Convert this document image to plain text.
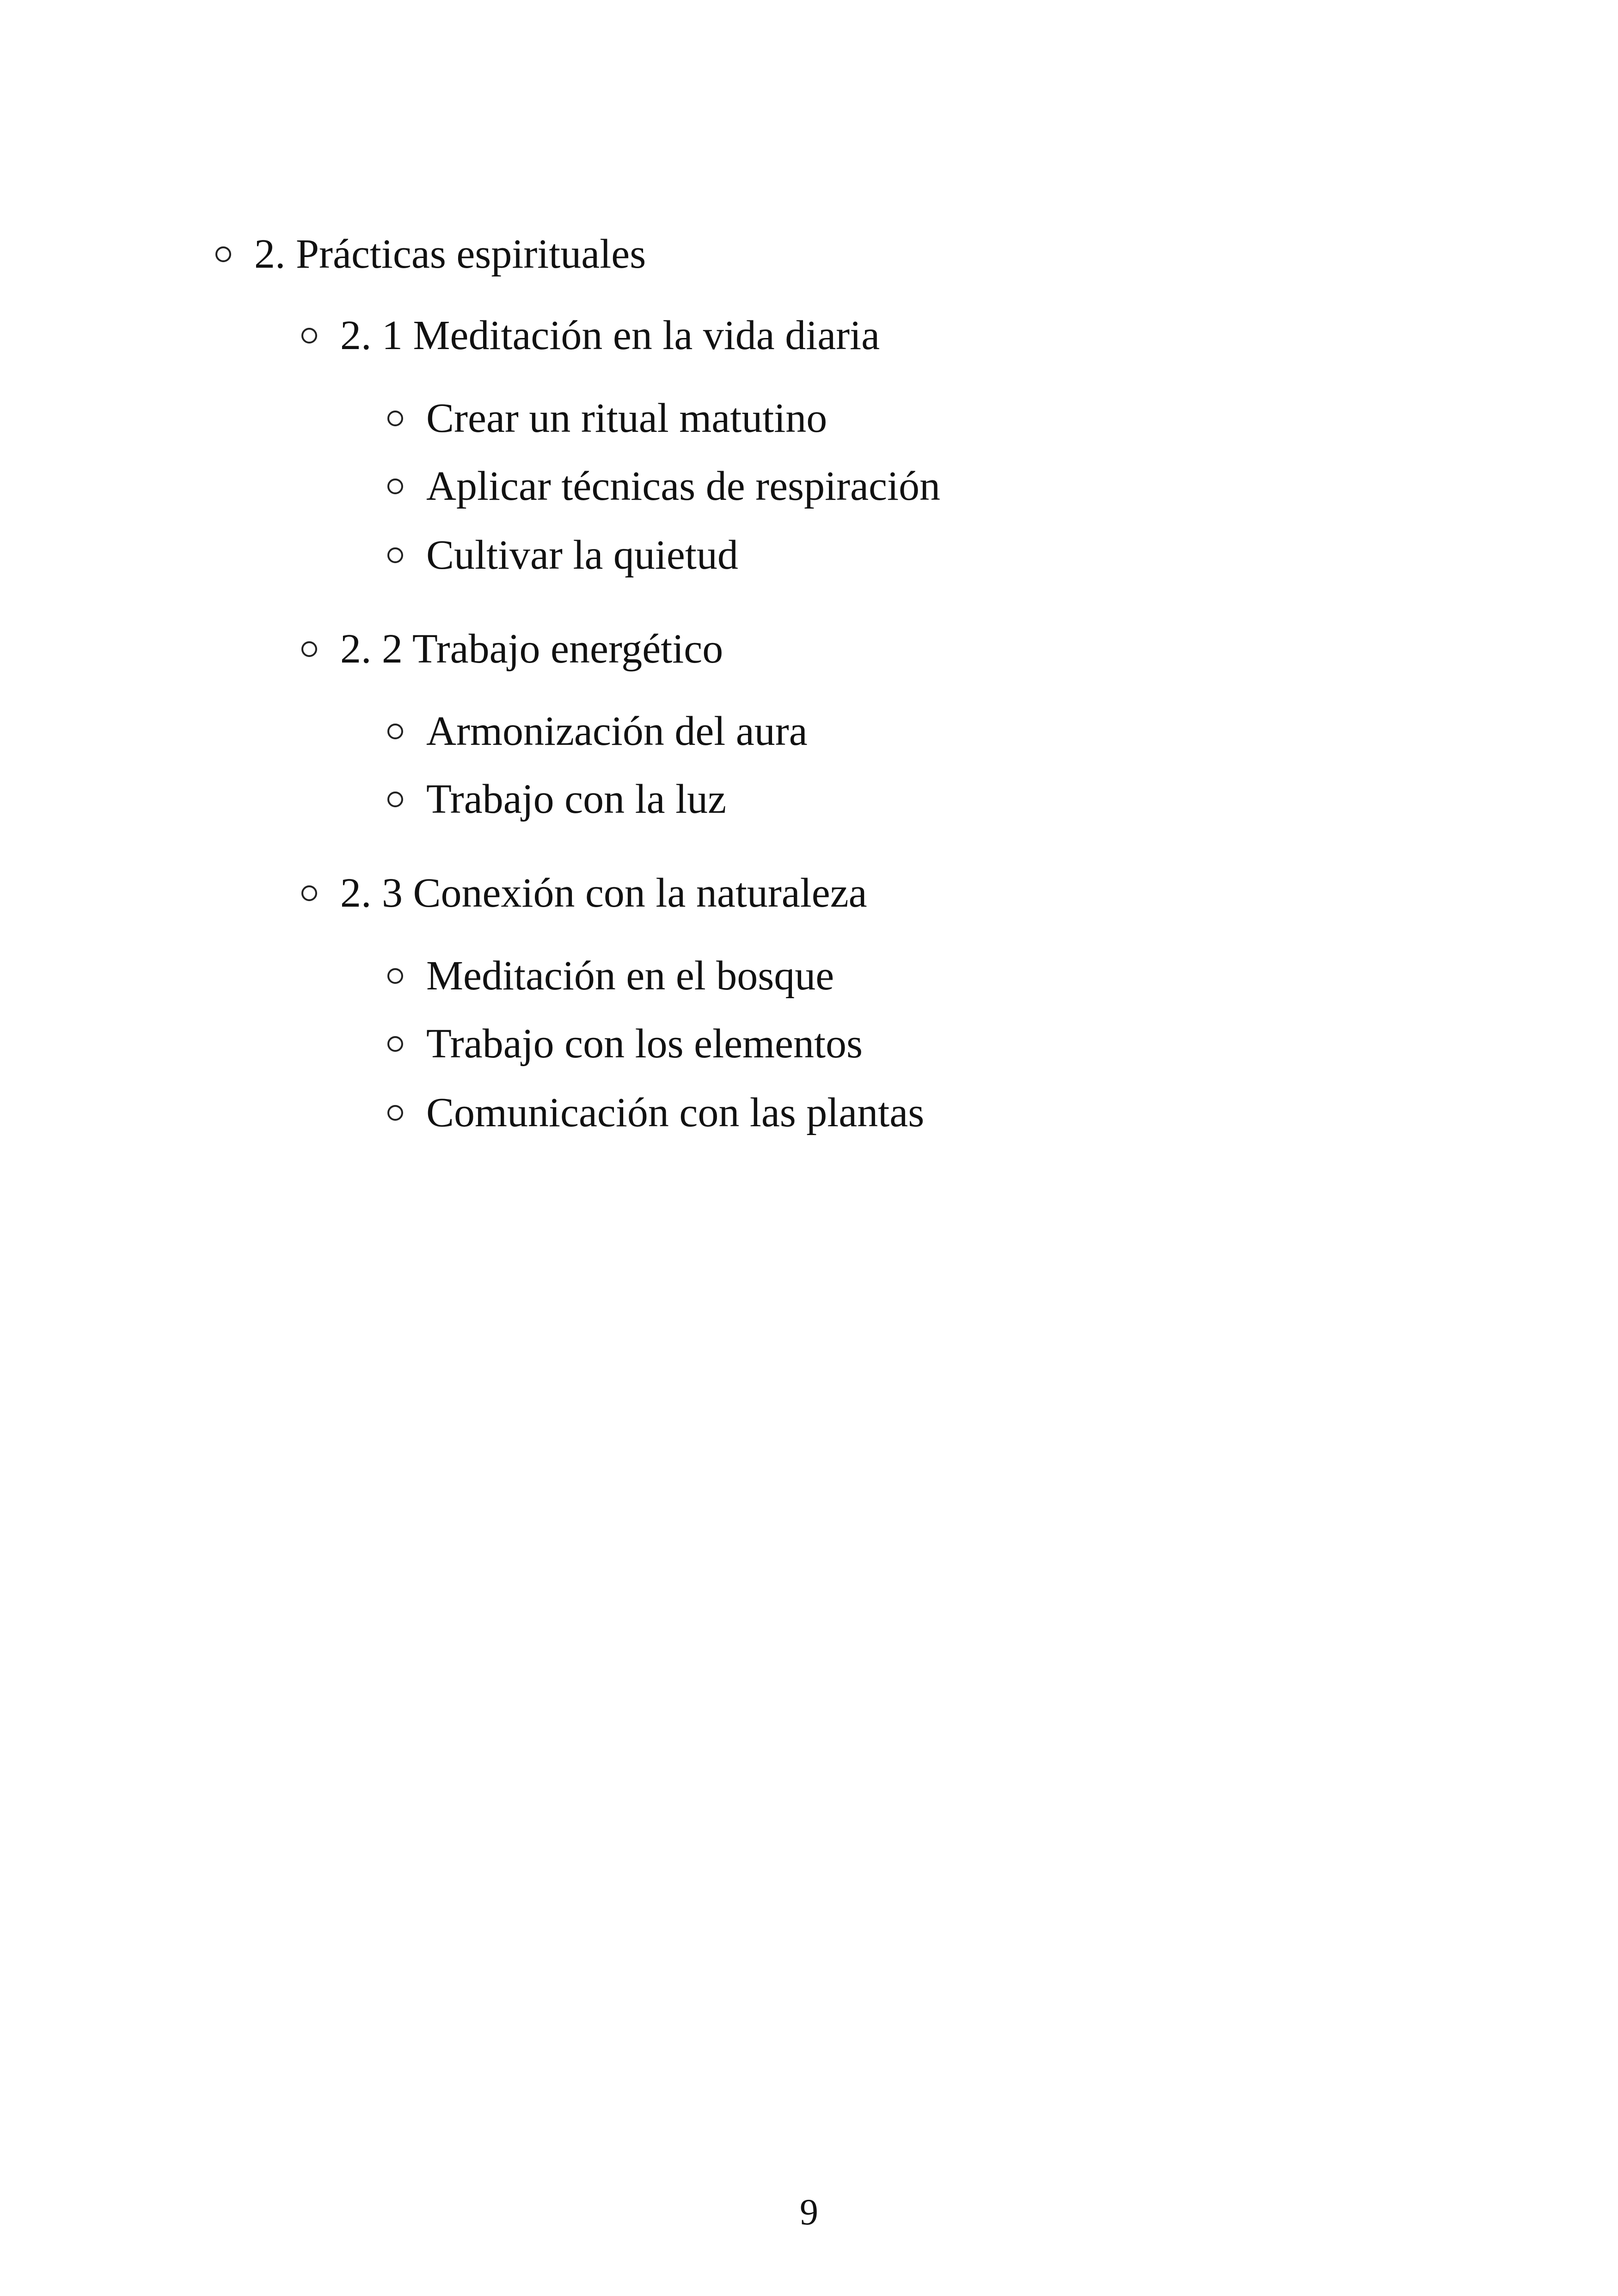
2. Prácticas espirituales
2. 1 Meditación en la vida diaria
Crear un ritual matutino
Aplicar técnicas de respiración
Cultivar la quietud
2. 2 Trabajo energético
Armonización del aura
Trabajo con la luz
2. 3 Conexión con la naturaleza
Meditación en el bosque
Trabajo con los elementos
Comunicación con las plantas
9
